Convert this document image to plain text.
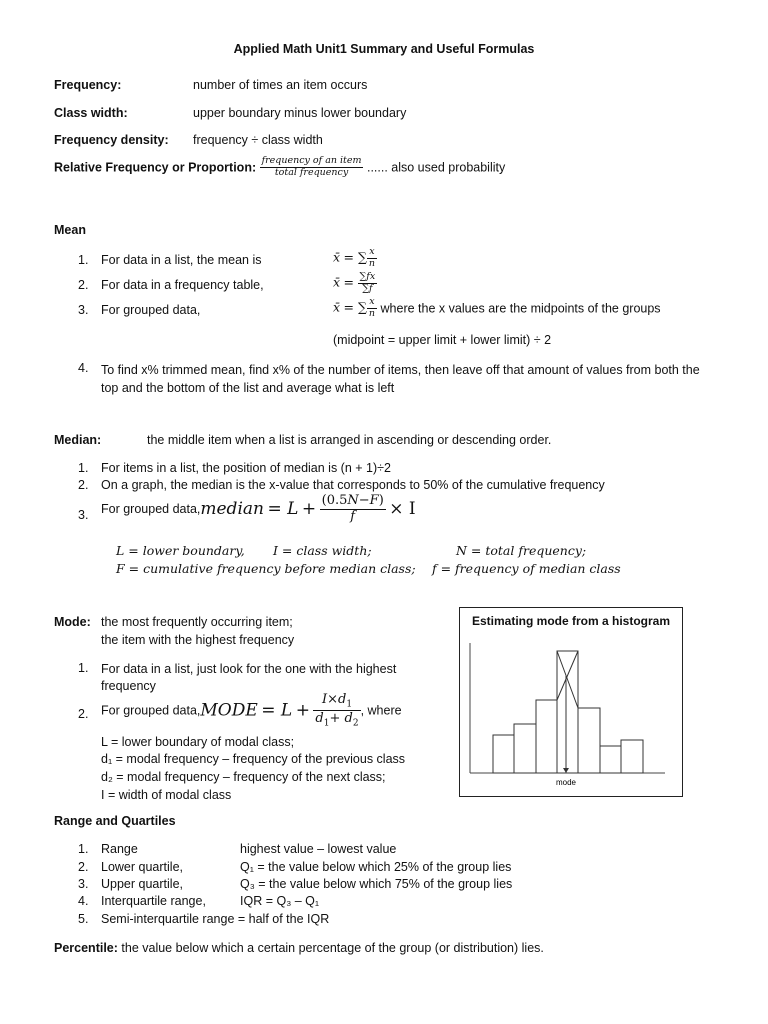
Applied Math Unit1 Summary and Useful Formulas
Frequency:	number of times an item occurs
Class width:	upper boundary minus lower boundary
Frequency density: frequency ÷ class width
Relative Frequency or Proportion: $\frac{\text{frequency of an item}}{\text{total frequency}}$ ...... also used probability
Mean
1. For data in a list, the mean is	x̄ = ∑ $\frac{x}{n}$
2. For data in a frequency table,	x̄ = $\frac{\sum fx}{\sum f}$
3. For grouped data,	x̄ = ∑ $\frac{x}{n}$ where the x values are the midpoints of the groups
(midpoint = upper limit + lower limit) ÷ 2
4. To find x% trimmed mean, find x% of the number of items, then leave off that amount of values from both the top and the bottom of the list and average what is left
Median:	the middle item when a list is arranged in ascending or descending order.
1. For items in a list, the position of median is (n + 1)÷2
2. On a graph, the median is the x-value that corresponds to 50% of the cumulative frequency
3. For grouped data,median = $L + \frac{(0.5N-F)}{f} \times I$
L = lower boundary, I = class width;	N = total frequency;
F = cumulative frequency before median class; f = frequency of median class
Mode: the most frequently occurring item;
the item with the highest frequency
1. For data in a list, just look for the one with the highest frequency
2. For grouped data,MODE = $L + \frac{I\times d_1}{d_1+ d_2}$ , where
L = lower boundary of modal class;
d₁ = modal frequency – frequency of the previous class
d₂ = modal frequency – frequency of the next class;
I = width of modal class
Estimating mode from a histogram
mode
Range and Quartiles
1. Range	highest value – lowest value
2. Lower quartile,	Q₁ = the value below which 25% of the group lies
3. Upper quartile,	Q₃ = the value below which 75% of the group lies
4. Interquartile range,	IQR = Q₃ – Q₁
5. Semi-interquartile range = half of the IQR
Percentile: the value below which a certain percentage of the group (or distribution) lies.
